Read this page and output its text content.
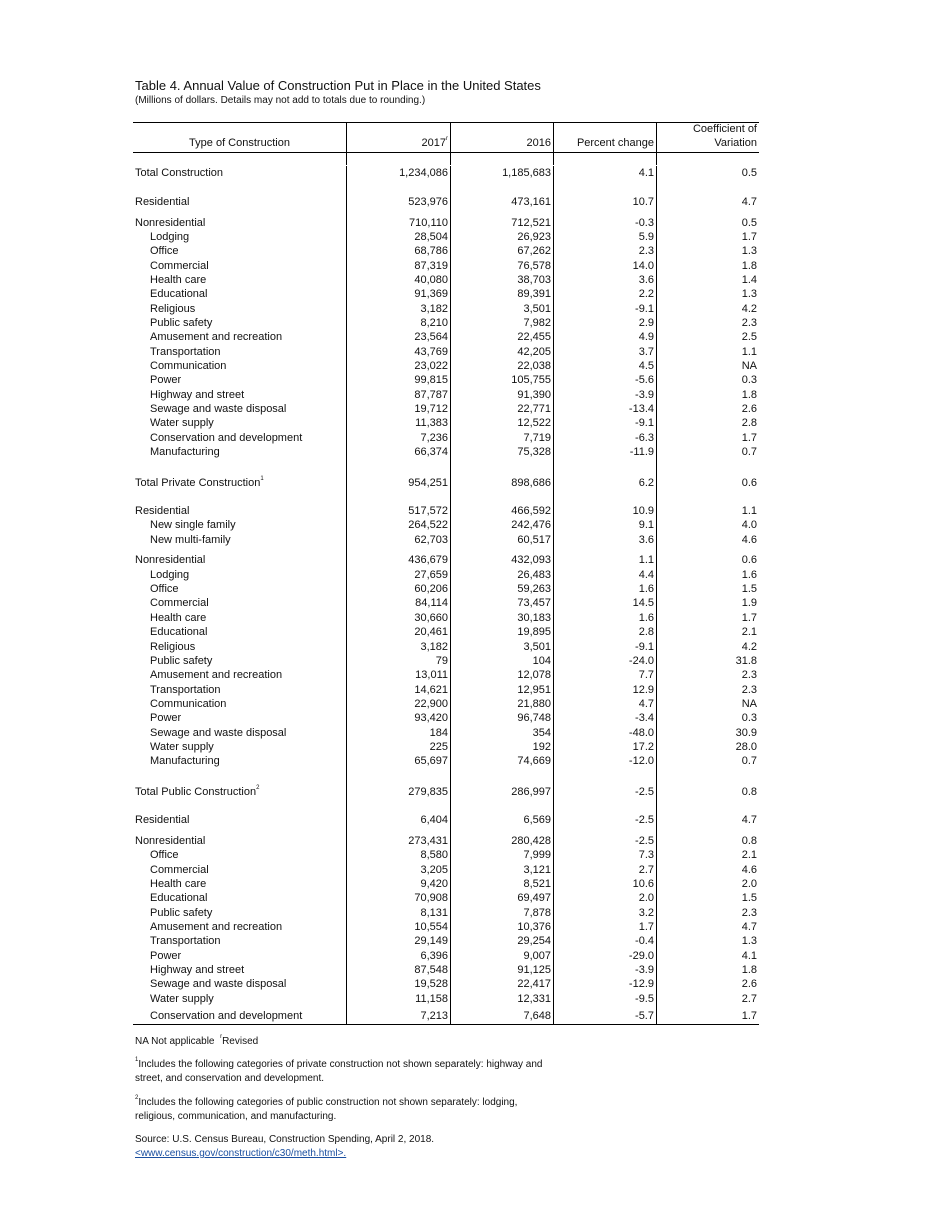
Table 4. Annual Value of Construction Put in Place in the United States
(Millions of dollars. Details may not add to totals due to rounding.)
Type of Construction	2017$^r$	2016	Percent change
Coefficient of
Variation
Total Construction	1,234,086	1,185,683	4.1	0.5
Residential	523,976	473,161	10.7	4.7
Nonresidential	710,110	712,521	-0.3	0.5
Lodging	28,504	26,923	5.9	1.7
Office	68,786	67,262	2.3	1.3
Commercial	87,319	76,578	14.0	1.8
Health care	40,080	38,703	3.6	1.4
Educational	91,369	89,391	2.2	1.3
Religious	3,182	3,501	-9.1	4.2
Public safety	8,210	7,982	2.9	2.3
Amusement and recreation	23,564	22,455	4.9	2.5
Transportation	43,769	42,205	3.7	1.1
Communication	23,022	22,038	4.5	NA
Power	99,815	105,755	-5.6	0.3
Highway and street	87,787	91,390	-3.9	1.8
Sewage and waste disposal	19,712	22,771	-13.4	2.6
Water supply	11,383	12,522	-9.1	2.8
Conservation and development	7,236	7,719	-6.3	1.7
Manufacturing	66,374	75,328	-11.9	0.7
Total Private Construction$^1$	954,251	898,686	6.2	0.6
Residential	517,572	466,592	10.9	1.1
New single family	264,522	242,476	9.1	4.0
New multi-family	62,703	60,517	3.6	4.6
Nonresidential	436,679	432,093	1.1	0.6
Lodging	27,659	26,483	4.4	1.6
Office	60,206	59,263	1.6	1.5
Commercial	84,114	73,457	14.5	1.9
Health care	30,660	30,183	1.6	1.7
Educational	20,461	19,895	2.8	2.1
Religious	3,182	3,501	-9.1	4.2
Public safety	79	104	-24.0	31.8
Amusement and recreation	13,011	12,078	7.7	2.3
Transportation	14,621	12,951	12.9	2.3
Communication	22,900	21,880	4.7	NA
Power	93,420	96,748	-3.4	0.3
Sewage and waste disposal	184	354	-48.0	30.9
Water supply	225	192	17.2	28.0
Manufacturing	65,697	74,669	-12.0	0.7
Total Public Construction$^2$	279,835	286,997	-2.5	0.8
Residential	6,404	6,569	-2.5	4.7
Nonresidential	273,431	280,428	-2.5	0.8
Office	8,580	7,999	7.3	2.1
Commercial	3,205	3,121	2.7	4.6
Health care	9,420	8,521	10.6	2.0
Educational	70,908	69,497	2.0	1.5
Public safety	8,131	7,878	3.2	2.3
Amusement and recreation	10,554	10,376	1.7	4.7
Transportation	29,149	29,254	-0.4	1.3
Power	6,396	9,007	-29.0	4.1
Highway and street	87,548	91,125	-3.9	1.8
Sewage and waste disposal	19,528	22,417	-12.9	2.6
Water supply	11,158	12,331	-9.5	2.7
Conservation and development	7,213	7,648	-5.7	1.7
NA Not applicable $^r$Revised
$^1$Includes the following categories of private construction not shown separately: highway and street, and conservation and development.
$^2$Includes the following categories of public construction not shown separately: lodging, religious, communication, and manufacturing.
Source: U.S. Census Bureau, Construction Spending, April 2, 2018.
<www.census.gov/construction/c30/meth.html>.
